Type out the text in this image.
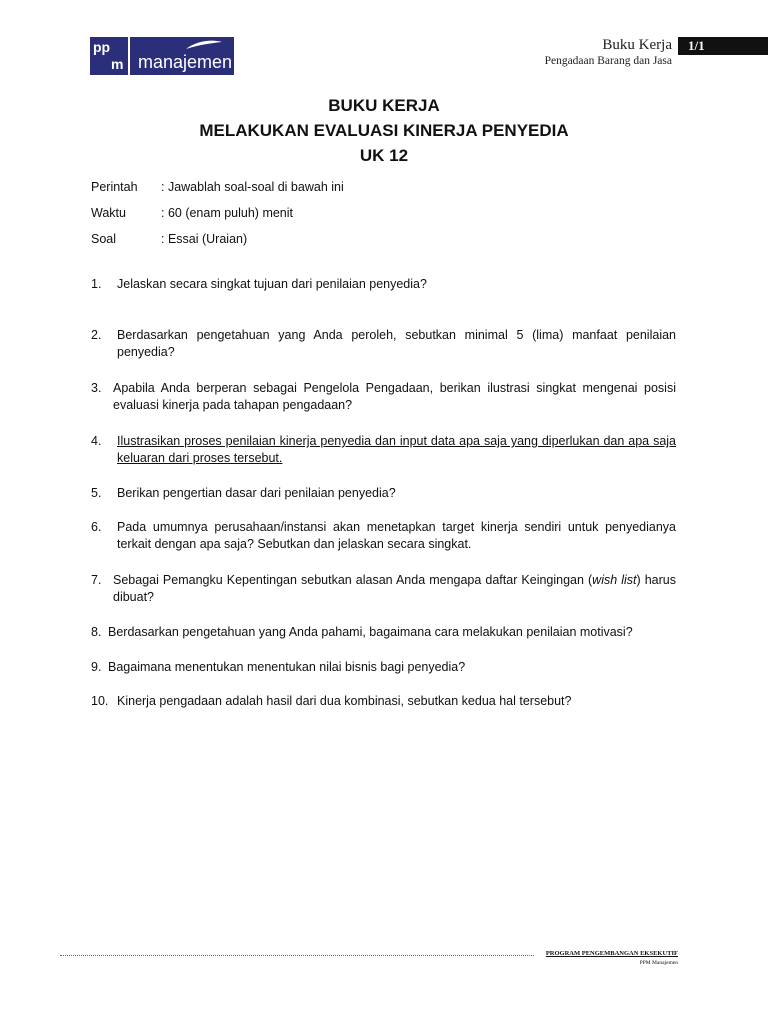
pp
m manajemen
Buku Kerja	1/1
Pengadaan Barang dan Jasa
BUKU KERJA
MELAKUKAN EVALUASI KINERJA PENYEDIA
UK 12
Perintah : Jawablah soal-soal di bawah ini
Waktu	: 60 (enam puluh) menit
Soal	: Essai (Uraian)
1.	Jelaskan secara singkat tujuan dari penilaian penyedia?
2.	Berdasarkan pengetahuan yang Anda peroleh, sebutkan minimal 5 (lima) manfaat penilaian penyedia?
3. Apabila Anda berperan sebagai Pengelola Pengadaan, berikan ilustrasi singkat mengenai posisi evaluasi kinerja pada tahapan pengadaan?
4.	Ilustrasikan proses penilaian kinerja penyedia dan input data apa saja yang diperlukan dan apa saja keluaran dari proses tersebut.
5.	Berikan pengertian dasar dari penilaian penyedia?
6.	Pada umumnya perusahaan/instansi akan menetapkan target kinerja sendiri untuk penyedianya terkait dengan apa saja? Sebutkan dan jelaskan secara singkat.
7. Sebagai Pemangku Kepentingan sebutkan alasan Anda mengapa daftar Keingingan (wish list) harus dibuat?
8. Berdasarkan pengetahuan yang Anda pahami, bagaimana cara melakukan penilaian motivasi?
9. Bagaimana menentukan menentukan nilai bisnis bagi penyedia?
10. Kinerja pengadaan adalah hasil dari dua kombinasi, sebutkan kedua hal tersebut?
PROGRAM PENGEMBANGAN EKSEKUTIF
PPM Manajemen
